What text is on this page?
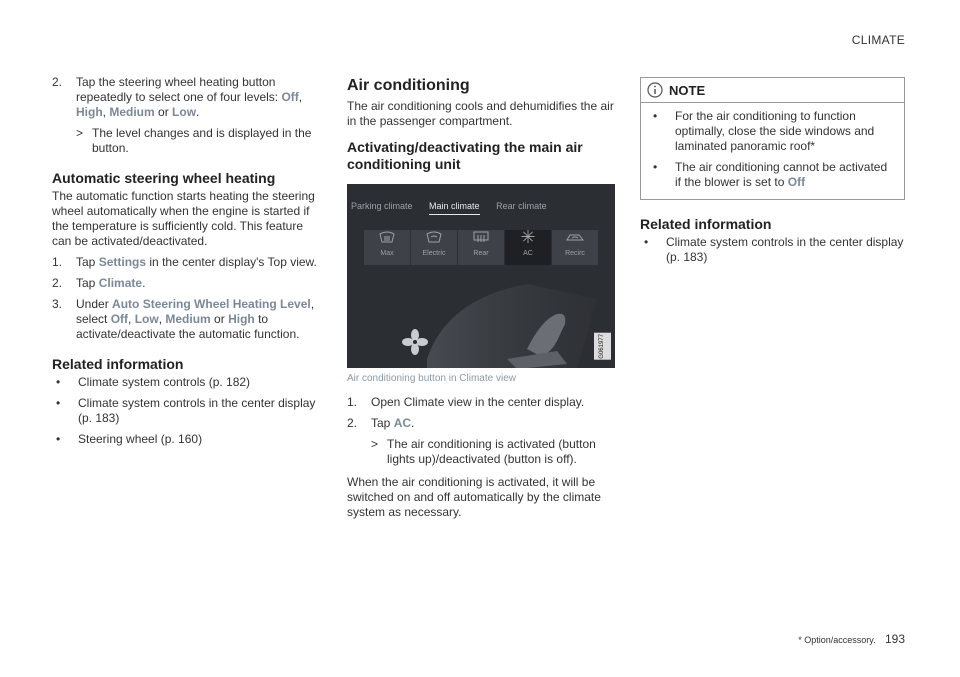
CLIMATE
2.	Tap the steering wheel heating button repeatedly to select one of four levels: Off, High, Medium or Low.

> The level changes and is displayed in the button.

Automatic steering wheel heating

The automatic function starts heating the steering wheel automatically when the engine is started if the temperature is sufficiently cold. This feature can be activated/deactivated.

1.	Tap Settings in the center display's Top view.

2.	Tap Climate.

3.	Under Auto Steering Wheel Heating Level, select Off, Low, Medium or High to activate/deactivate the automatic function.

Related information
•	Climate system controls (p. 182)

•	Climate system controls in the center display (p. 183)

•	Steering wheel (p. 160)

Air conditioning

The air conditioning cools and dehumidifies the air in the passenger compartment.

Activating/deactivating the main air conditioning unit
Parking climate Main climate Rear climate
Max	Electric	Rear	AC	Recirc
G061977
Air conditioning button in Climate view
1.	Open Climate view in the center display.

2.	Tap AC.

> The air conditioning is activated (button lights up)/deactivated (button is off).

When the air conditioning is activated, it will be switched on and off automatically by the climate system as necessary.

NOTE
•	For the air conditioning to function optimally, close the side windows and laminated panoramic roof*

•	The air conditioning cannot be activated if the blower is set to Off

Related information
•	Climate system controls in the center display (p. 183)

* Option/accessory. 193
